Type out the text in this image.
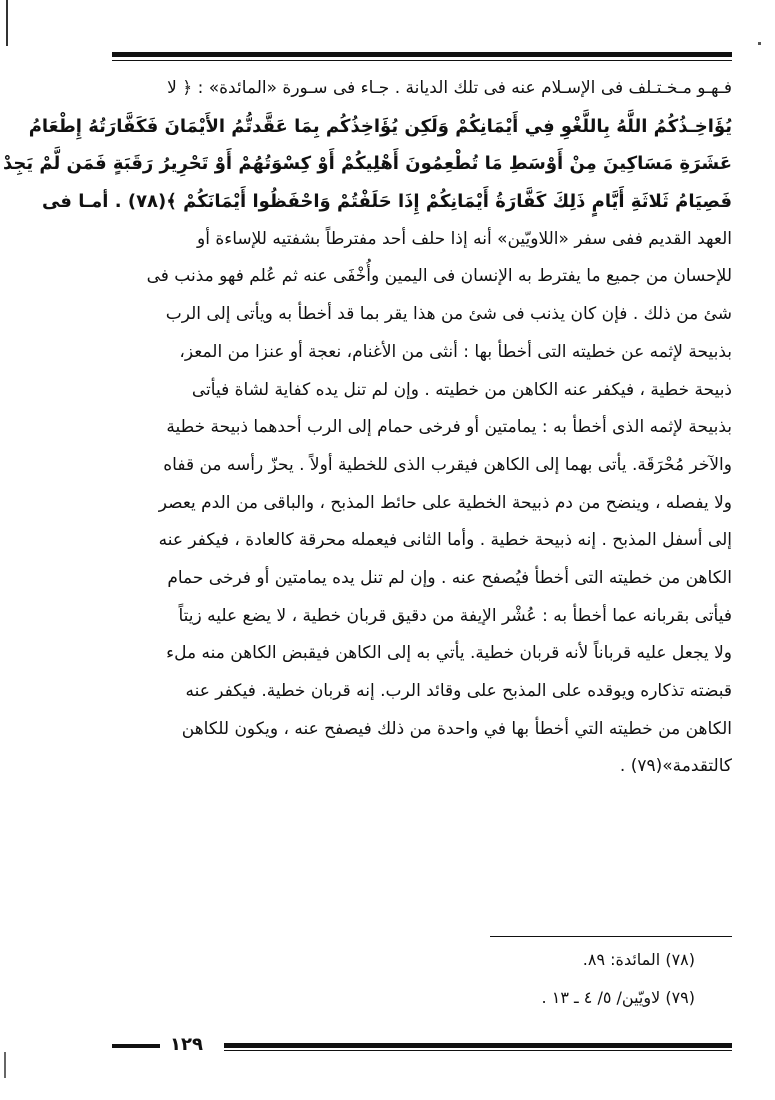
فـهـو مـخـتـلف فى الإسـلام عنه فى تلك الديانة . جـاء فى سـورة «المائدة» : ﴿ لا
يُؤَاخِـذُكُمُ اللَّهُ بِاللَّغْوِ فِي أَيْمَانِكُمْ وَلَكِن يُؤَاخِذُكُم بِمَا عَقَّدتُّمُ الأَيْمَانَ فَكَفَّارَتُهُ إِطْعَامُ
عَشَرَةِ مَسَاكِينَ مِنْ أَوْسَطِ مَا تُطْعِمُونَ أَهْلِيكُمْ أَوْ كِسْوَتُهُمْ أَوْ تَحْرِيرُ رَقَبَةٍ فَمَن لَّمْ يَجِدْ
فَصِيَامُ ثَلاثَةِ أَيَّامٍ ذَلِكَ كَفَّارَةُ أَيْمَانِكُمْ إِذَا حَلَفْتُمْ وَاحْفَظُوا أَيْمَانَكُمْ ﴾(٧٨) . أمـا فى
العهد القديم ففى سفر «اللاويّين» أنه إذا حلف أحد مفترطاً بشفتيه للإساءة أو
للإحسان من جميع ما يفترط به الإنسان فى اليمين وأُخْفَى عنه ثم عُلم فهو مذنب فى
شئ من ذلك . فإن كان يذنب فى شئ من هذا يقر بما قد أخطأ به ويأتى إلى الرب
بذبيحة لإثمه عن خطيته التى أخطأ بها : أنثى من الأغنام، نعجة أو عنزا من المعز،
ذبيحة خطية ، فيكفر عنه الكاهن من خطيته . وإن لم تنل يده كفاية لشاة فيأتى
بذبيحة لإثمه الذى أخطأ به : يمامتين أو فرخى حمام إلى الرب أحدهما ذبيحة خطية
والآخر مُحْرَقَة. يأتى بهما إلى الكاهن فيقرب الذى للخطية أولاً . يحزّ رأسه من قفاه
ولا يفصله ، وينضح من دم ذبيحة الخطية على حائط المذبح ، والباقى من الدم يعصر
إلى أسفل المذبح . إنه ذبيحة خطية . وأما الثانى فيعمله محرقة كالعادة ، فيكفر عنه
الكاهن من خطيته التى أخطأ فيُصفح عنه . وإن لم تنل يده يمامتين أو فرخى حمام
فيأتى بقربانه عما أخطأ به : عُشْر الإيفة من دقيق قربان خطية ، لا يضع عليه زيتاً
ولا يجعل عليه قرباناً لأنه قربان خطية. يأتي به إلى الكاهن فيقبض الكاهن منه ملء
قبضته تذكاره ويوقده على المذبح على وقائد الرب. إنه قربان خطية. فيكفر عنه
الكاهن من خطيته التي أخطأ بها في واحدة من ذلك فيصفح عنه ، ويكون للكاهن
كالتقدمة»(٧٩) .
(٧٨) المائدة: ٨٩.
(٧٩) لاويّين/ ٥/ ٤ ـ ١٣ .
١٢٩
